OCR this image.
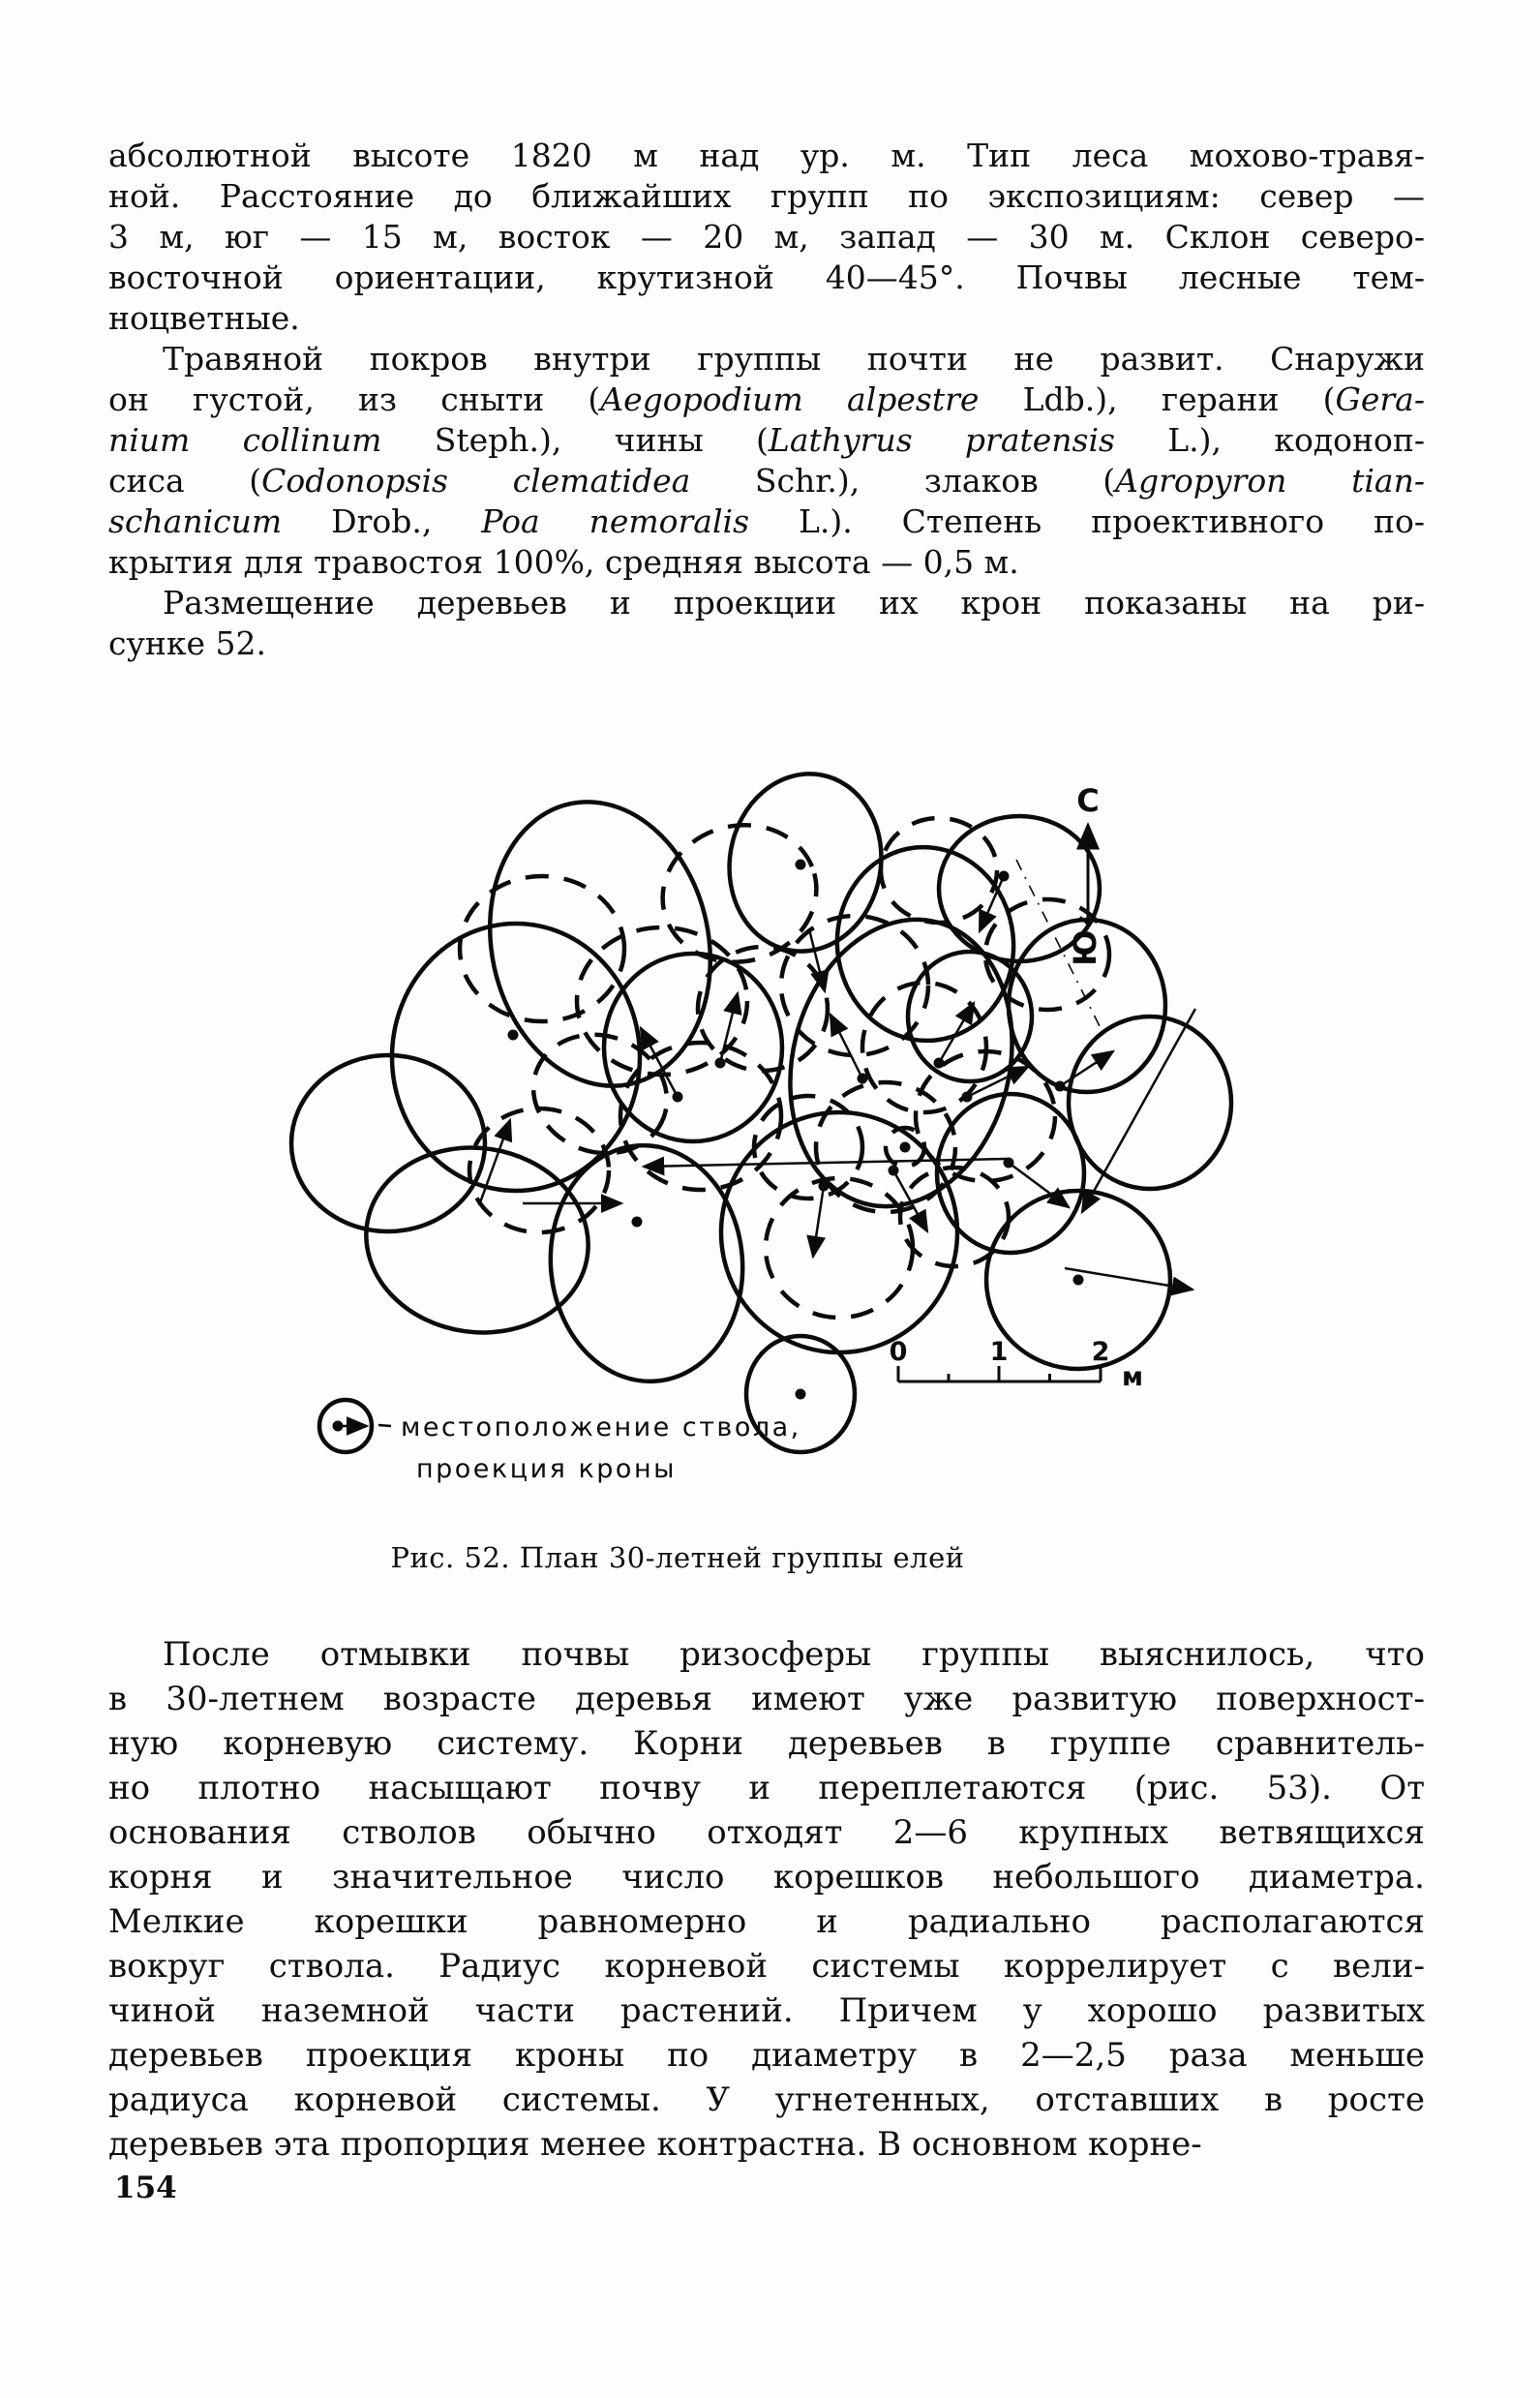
абсолютной высоте 1820 м над ур. м. Тип леса мохово-травя-
ной. Расстояние до ближайших групп по экспозициям: север —
3 м, юг — 15 м, восток — 20 м, запад — 30 м. Склон северо-
восточной ориентации, крутизной 40—45°. Почвы лесные тем-
ноцветные.
Травяной покров внутри группы почти не развит. Снаружи
он густой, из сныти (Aegopodium alpestre Ldb.), герани (Gera-
nium collinum Steph.), чины (Lathyrus pratensis L.), кодоноп-
сиса (Codonopsis clematidea Schr.), злаков (Agropyron tian-
schanicum Drob., Poa nemoralis L.). Степень проективного по-
крытия для травостоя 100%, средняя высота — 0,5 м.
Размещение деревьев и проекции их крон показаны на ри-
сунке 52.
С
Ю
0	1	2
м
местоположение ствола,
проекция кроны
Рис. 52. План 30-летней группы елей
После отмывки почвы ризосферы группы выяснилось, что
в 30-летнем возрасте деревья имеют уже развитую поверхност-
ную корневую систему. Корни деревьев в группе сравнитель-
но плотно насыщают почву и переплетаются (рис. 53). От
основания стволов обычно отходят 2—6 крупных ветвящихся
корня и значительное число корешков небольшого диаметра.
Мелкие корешки равномерно и радиально располагаются
вокруг ствола. Радиус корневой системы коррелирует с вели-
чиной наземной части растений. Причем у хорошо развитых
деревьев проекция кроны по диаметру в 2—2,5 раза меньше
радиуса корневой системы. У угнетенных, отставших в росте
деревьев эта пропорция менее контрастна. В основном корне-
154
